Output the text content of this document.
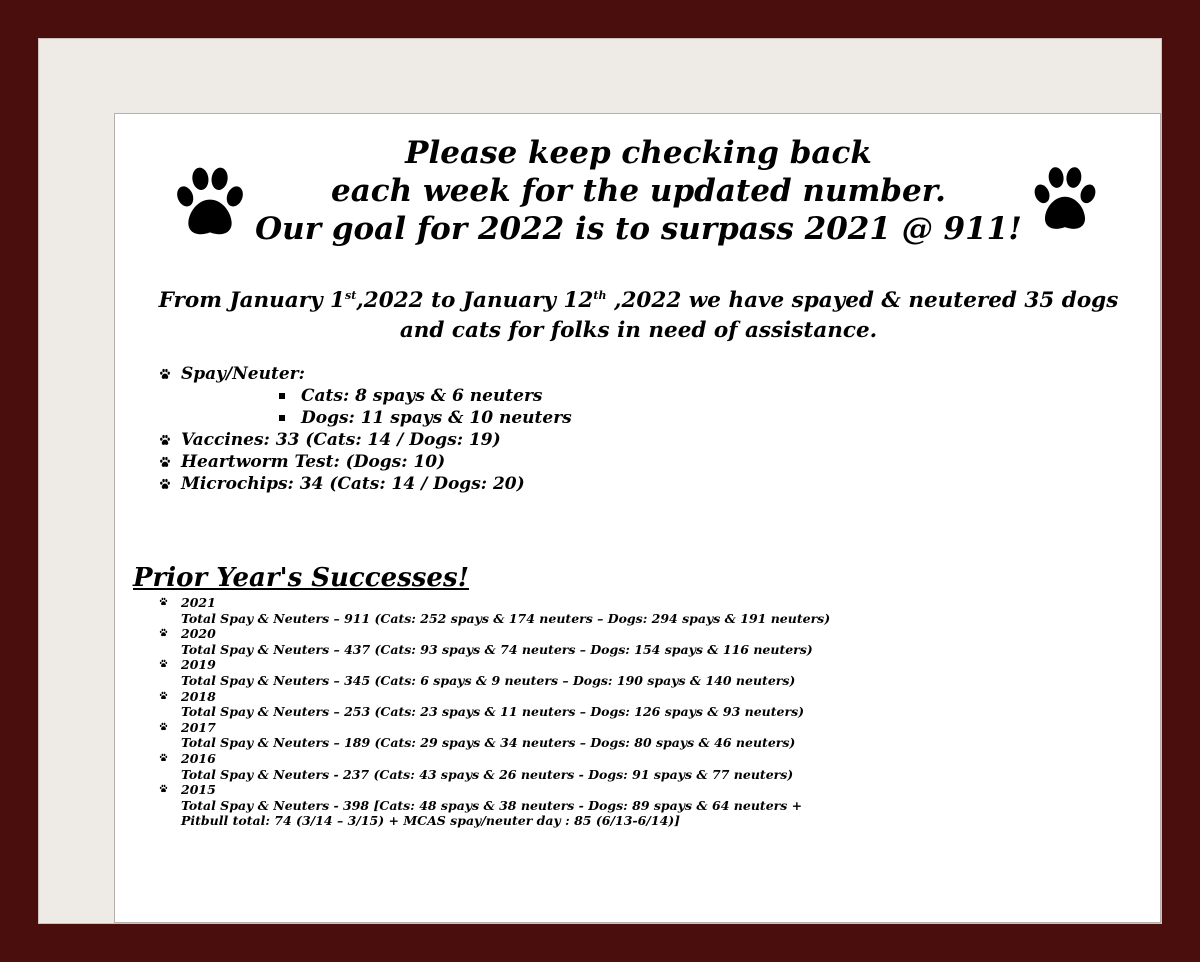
Please keep checking back
each week for the updated number.
Our goal for 2022 is to surpass 2021 @ 911!
From January 1st,2022 to January 12th ,2022 we have spayed & neutered 35 dogs
and cats for folks in need of assistance.
Spay/Neuter:
Cats: 8 spays & 6 neuters
Dogs: 11 spays & 10 neuters
Vaccines: 33 (Cats: 14 / Dogs: 19)
Heartworm Test: (Dogs: 10)
Microchips: 34 (Cats: 14 / Dogs: 20)
Prior Year's Successes!
2021
Total Spay & Neuters – 911 (Cats: 252 spays & 174 neuters – Dogs: 294 spays & 191 neuters)
2020
Total Spay & Neuters – 437 (Cats: 93 spays & 74 neuters – Dogs: 154 spays & 116 neuters)
2019
Total Spay & Neuters – 345 (Cats: 6 spays & 9 neuters – Dogs: 190 spays & 140 neuters)
2018
Total Spay & Neuters – 253 (Cats: 23 spays & 11 neuters – Dogs: 126 spays & 93 neuters)
2017
Total Spay & Neuters – 189 (Cats: 29 spays & 34 neuters – Dogs: 80 spays & 46 neuters)
2016
Total Spay & Neuters - 237 (Cats: 43 spays & 26 neuters - Dogs: 91 spays & 77 neuters)
2015
Total Spay & Neuters - 398 [Cats: 48 spays & 38 neuters - Dogs: 89 spays & 64 neuters +
Pitbull total: 74 (3/14 – 3/15) + MCAS spay/neuter day : 85 (6/13-6/14)]
